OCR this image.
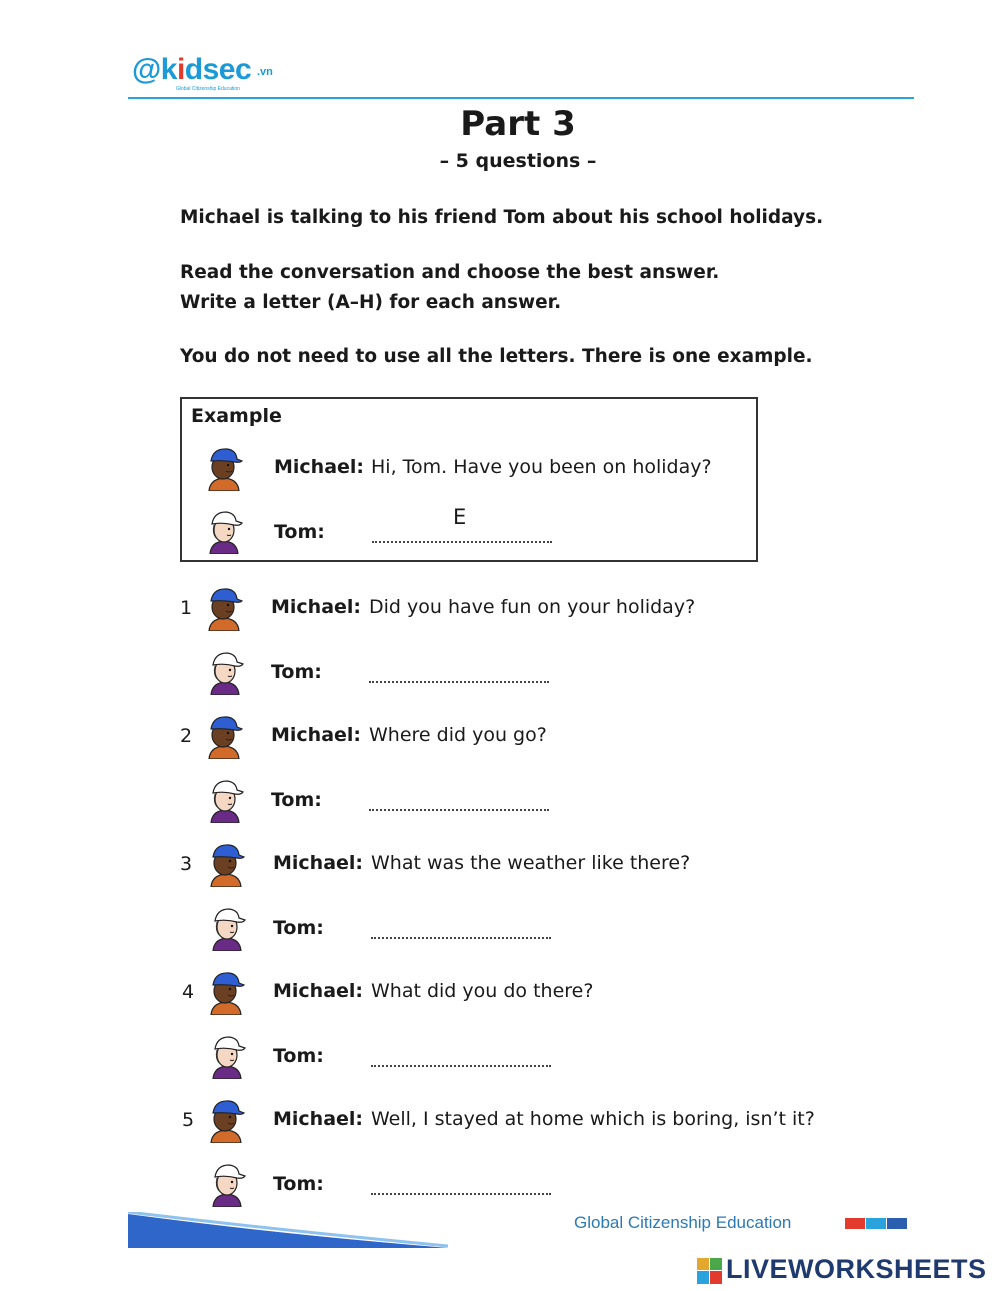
@kidsec .vn
Global Citizenship Education
Part 3
– 5 questions –
Michael is talking to his friend Tom about his school holidays.
Read the conversation and choose the best answer.
Write a letter (A–H) for each answer.
You do not need to use all the letters. There is one example.
Example
Michael: Hi, Tom. Have you been on holiday?
Tom:
E
1	Michael: Did you have fun on your holiday?
Tom:
2	Michael: Where did you go?
Tom:
3	Michael: What was the weather like there?
Tom:
4	Michael: What did you do there?
Tom:
5	Michael: Well, I stayed at home which is boring, isn’t it?
Tom:
Global Citizenship Education
LIVEWORKSHEETS
